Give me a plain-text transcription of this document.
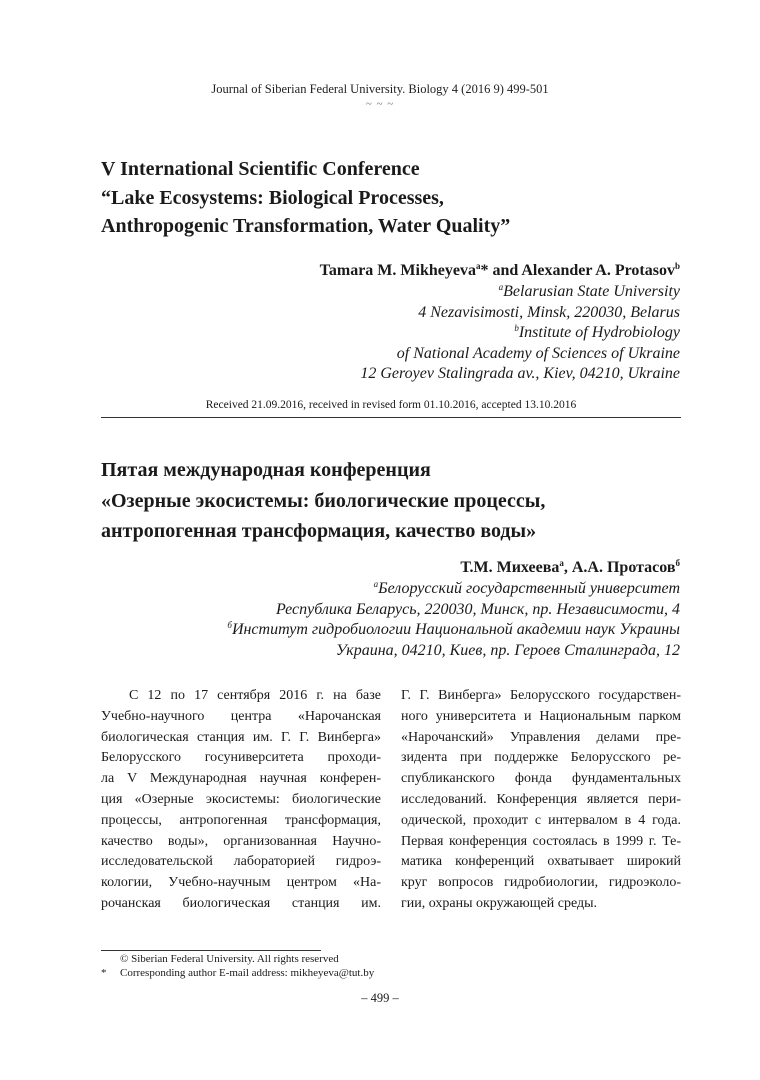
Journal of Siberian Federal University. Biology 4 (2016 9) 499-501
~ ~ ~
V International Scientific Conference
“Lake Ecosystems: Biological Processes,
Anthropogenic Transformation, Water Quality”
Tamara M. Mikheyeva$^a$* and Alexander A. Protasov$^b$
$^a$Belarusian State University
4 Nezavisimosti, Minsk, 220030, Belarus
$^b$Institute of Hydrobiology
of National Academy of Sciences of Ukraine
12 Geroyev Stalingrada av., Kiev, 04210, Ukraine
Received 21.09.2016, received in revised form 01.10.2016, accepted 13.10.2016
Пятая международная конференция
«Озерные экосистемы: биологические процессы,
антропогенная трансформация, качество воды»
Т.М. Михеева$^а$, А.А. Протасов$^б$
$^а$Белорусский государственный университет
Республика Беларусь, 220030, Минск, пр. Независимости, 4
$^б$Институт гидробиологии Национальной академии наук Украины
Украина, 04210, Киев, пр. Героев Сталинграда, 12
С 12 по 17 сентября 2016 г. на базе
Учебно-научного центра «Нарочанская
биологическая станция им. Г. Г. Винберга»
Белорусского госуниверситета проходи-
ла V Международная научная конферен-
ция «Озерные экосистемы: биологические
процессы, антропогенная трансформация,
качество воды», организованная Научно-
исследовательской лабораторией гидроэ-
кологии, Учебно-научным центром «На-
рочанская биологическая станция им.
Г. Г. Винберга» Белорусского государствен-
ного университета и Национальным парком
«Нарочанский» Управления делами пре-
зидента при поддержке Белорусского ре-
спубликанского фонда фундаментальных
исследований. Конференция является пери-
одической, проходит с интервалом в 4 года.
Первая конференция состоялась в 1999 г. Те-
матика конференций охватывает широкий
круг вопросов гидробиологии, гидроэколо-
гии, охраны окружающей среды.
© Siberian Federal University. All rights reserved
* Corresponding author E-mail address: mikheyeva@tut.by
– 499 –
